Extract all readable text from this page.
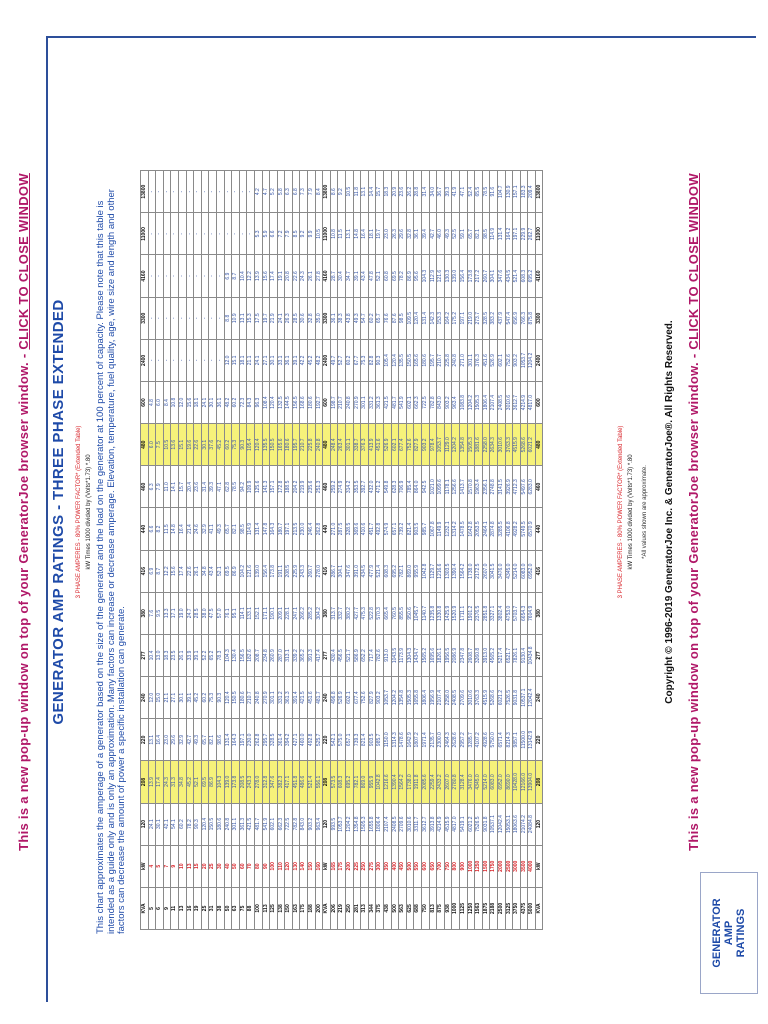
This is a new pop-up window on top of your GeneratorJoe browser window. - CLICK TO CLOSE WINDOW
GENERATOR AMP RATINGS - THREE PHASE EXTENDED 3 PHASE AMPERES - 80% POWER FACTOR* (Extended Table) kW Times 1000 divided by (Volts*1.73) *.80 This chart approximates the amperage of a generator based on the size of the generator and the load on the generator at 100 percent of capacity. Please note that this table is intended as a guide only and is only an approximation. Many factors can increase or decrease amperage. Elevation, temperature, fuel quality, age, wire size and length and other factors can decrease the amount of power a specific installation can generate.	KVA	kW	120	208	220	240	277	380	416	440	460	480	600	2400	3300	4160	11000	13800
5	4	24.1	13.9	13.1	12.0	10.4	7.6	6.9	6.6	6.3	6.0	4.8	-	-	-	-	-
6	5	30.1	17.4	16.4	15.0	13.0	9.5	8.7	8.2	7.9	7.5	6.0	-	-	-	-	-
9	7	42.1	24.3	23.0	21.1	18.3	13.3	12.2	11.5	11.0	10.5	8.4	-	-	-	-	-
11	9	54.1	31.3	29.6	27.1	23.5	17.1	15.6	14.8	14.1	13.6	10.8	-	-	-	-	-
13	10	60.2	34.8	32.9	30.1	26.1	19.0	17.4	16.4	15.7	15.1	12.0	-	-	-	-	-
16	13	78.2	45.2	42.7	39.1	33.9	24.7	22.6	21.4	20.4	19.6	15.6	-	-	-	-	-
19	15	90.3	52.1	49.3	45.2	39.1	28.5	26.1	24.6	23.6	22.6	18.1	-	-	-	-	-
25	20	120.4	69.5	65.7	60.2	52.2	38.0	34.8	32.9	31.4	30.1	24.1	-	-	-	-	-
31	25	150.5	86.9	82.1	75.3	65.2	47.5	43.4	41.1	39.3	37.6	30.1	-	-	-	-	-
38	30	180.6	104.3	98.6	90.3	78.3	57.0	52.1	49.3	47.1	45.2	36.1	-	-	-	-	-
50	40	240.8	139.0	131.4	120.4	104.3	76.1	69.5	65.7	62.8	60.2	48.2	12.0	8.8	6.9	-	-
63	50	301.1	173.8	164.3	150.5	130.4	95.1	86.9	82.1	78.5	75.3	60.2	15.1	10.9	8.7	-	-
75	60	361.3	208.5	197.1	180.6	156.5	114.1	104.2	98.5	94.2	90.3	72.3	18.1	13.1	10.4	-	-
88	70	421.5	243.3	230.0	210.7	182.6	133.1	121.6	114.9	109.9	105.4	84.3	21.1	15.3	12.2	-	-
100	80	481.7	278.0	262.8	240.8	208.7	152.1	139.0	131.4	125.6	120.4	96.3	24.1	17.5	13.9	5.3	4.2
113	90	541.9	312.8	295.7	270.9	234.8	171.1	156.4	147.8	141.3	135.5	108.4	27.1	19.7	15.6	5.9	4.7
125	100	602.1	347.6	328.5	301.1	260.9	190.1	173.8	164.3	157.1	150.5	120.4	30.1	21.9	17.4	6.6	5.2
138	110	662.3	382.3	361.4	331.2	287.0	209.1	191.1	180.7	172.8	165.6	132.5	33.1	24.1	19.1	7.2	5.8
150	120	722.5	417.1	394.2	361.3	313.1	228.1	208.5	197.1	188.5	180.6	144.5	36.1	26.3	20.8	7.9	6.3
163	130	782.8	451.8	427.1	391.4	339.2	247.1	225.9	213.5	204.2	195.7	156.5	39.1	28.5	22.6	8.5	6.8
175	140	843.0	486.6	460.0	421.5	365.2	266.2	243.3	230.0	219.9	210.7	168.6	42.2	30.6	24.3	9.2	7.3
188	150	903.2	521.4	492.8	451.6	391.3	285.2	260.7	246.4	235.6	225.8	180.6	45.2	32.8	26.1	9.9	7.9
200	160	963.4	556.1	525.7	481.7	417.4	304.2	278.0	262.8	251.3	240.8	192.7	48.2	35.0	27.8	10.5	8.4
KVA	kW	120	208	220	240	277	380	416	440	460	480	600	2400	3300	4160	11000	13800
206	165	993.5	573.5	542.1	496.8	430.4	313.7	286.7	271.0	259.2	248.4	198.7	49.7	36.1	28.7	10.8	8.6
219	175	1053.7	608.3	575.0	526.9	456.5	332.7	304.1	287.5	274.9	263.4	210.7	52.7	38.3	30.4	11.5	9.2
250	200	1204.2	695.2	657.1	602.1	521.7	380.2	347.6	328.5	314.2	301.1	240.8	60.2	43.8	34.7	13.1	10.5
281	225	1354.8	782.1	739.3	677.4	586.9	427.7	391.0	369.6	353.5	338.7	270.9	67.7	49.3	39.1	14.8	11.8
313	250	1505.3	869.0	821.4	752.6	652.2	475.3	434.5	410.6	392.7	376.3	301.1	75.3	54.7	43.4	16.4	13.1
344	275	1655.8	955.9	903.5	827.9	717.4	522.8	477.9	451.7	432.0	413.9	331.2	82.8	60.2	47.8	18.1	14.4
375	300	1806.4	1042.8	985.7	903.2	782.6	570.3	521.4	492.8	471.2	451.6	361.3	90.3	65.7	52.1	19.7	15.7
438	350	2107.4	1216.6	1150.0	1053.7	913.0	665.4	608.3	574.9	549.8	526.9	421.5	105.4	76.6	60.8	23.0	18.3
500	400	2408.5	1390.4	1314.3	1204.2	1043.5	760.5	695.2	657.1	628.3	602.1	481.7	120.4	87.6	69.5	26.3	20.9
563	450	2709.6	1564.2	1478.6	1354.8	1173.9	855.5	782.1	739.2	706.9	677.4	541.9	135.5	98.5	78.2	29.6	23.6
625	500	3010.6	1738.0	1642.9	1505.3	1304.3	950.6	869.0	821.4	785.4	752.6	602.1	150.5	109.5	86.9	32.8	26.2
688	550	3311.7	1911.8	1807.2	1655.8	1434.7	1045.7	955.9	903.5	864.0	827.9	662.3	165.6	120.4	95.6	36.1	28.8
750	600	3612.7	2085.6	1971.4	1806.4	1565.2	1140.7	1042.8	985.7	942.5	903.2	722.5	180.6	131.4	104.3	39.4	31.4
813	650	3913.8	2259.4	2135.7	1956.9	1695.6	1235.8	1129.7	1067.8	1021.0	978.4	782.8	195.7	142.3	112.9	42.7	34.0
875	700	4214.9	2433.2	2300.0	2107.4	1826.1	1330.8	1216.6	1149.9	1099.6	1053.7	843.0	210.7	153.3	121.6	46.0	36.7
938	750	4515.9	2607.0	2464.3	2258.0	1956.5	1425.9	1303.5	1232.1	1178.1	1129.0	903.2	225.8	164.2	130.3	49.3	39.3
1000	800	4817.0	2780.8	2628.6	2408.5	2086.9	1520.9	1390.4	1314.2	1256.6	1204.2	963.4	240.8	175.2	139.0	52.5	41.9
1125	900	5419.1	3128.4	2957.2	2709.6	2347.8	1711.1	1564.2	1478.5	1413.7	1354.8	1083.8	271.0	197.1	156.4	59.1	47.1
1250	1000	6021.2	3476.0	3285.7	3010.6	2608.7	1901.2	1738.0	1642.8	1570.8	1505.3	1204.2	301.1	219.0	173.8	65.7	52.4
1563	1250	7526.5	4345.0	4107.2	3763.3	3260.8	2376.5	2172.5	2053.5	1963.4	1881.6	1505.3	376.3	273.7	217.2	82.1	65.5
1875	1500	9031.8	5214.0	4928.6	4515.9	3913.0	2851.8	2607.0	2464.1	2356.1	2258.0	1806.4	451.6	328.5	260.7	98.5	78.5
2188	1750	10537.1	6083.0	5750.0	5268.6	4565.2	3327.1	3041.5	2874.8	2748.8	2634.3	2107.4	526.9	383.2	304.1	114.9	91.6
2500	2000	12042.4	6952.0	6571.4	6021.2	5217.4	3802.4	3476.0	3285.5	3141.5	3010.6	2408.5	602.1	437.9	347.6	131.4	104.7
3125	2500	15053.1	8690.0	8214.3	7526.5	6521.7	4753.0	4345.0	4106.8	3926.9	3763.3	3010.6	752.6	547.4	434.5	164.2	130.9
3750	3000	18063.6	10428.0	9857.1	9031.8	7826.1	5703.7	5214.0	4928.2	4712.3	4515.9	3612.7	903.2	656.9	521.4	197.1	157.1
4375	3500	21074.2	12166.0	11500.0	10537.1	9130.4	6654.3	6083.0	5749.5	5497.6	5268.6	4214.9	1053.7	766.3	608.3	229.9	183.3
5000	4000	24084.8	13904.0	13142.9	12042.4	10434.8	7604.9	6952.0	6570.9	6283.0	6021.2	4817.0	1204.2	875.8	695.2	262.7	209.4
KVA	kW	120	208	220	240	277	380	416	440	460	480	600	2400	3300	4160	11000	13800
3 PHASE AMPERES - 80% POWER FACTOR* (Extended Table) kW Times 1000 divided by (Volts*1.73) *.80 *All values shown are approximate. Copyright © 1996-2019 GeneratorJoe Inc. & GeneratorJoe®. All Rights Reserved. This is a new pop-up window on top of your GeneratorJoe browser window. - CLICK TO CLOSE WINDOW
GENERATOR AMP RATINGS
